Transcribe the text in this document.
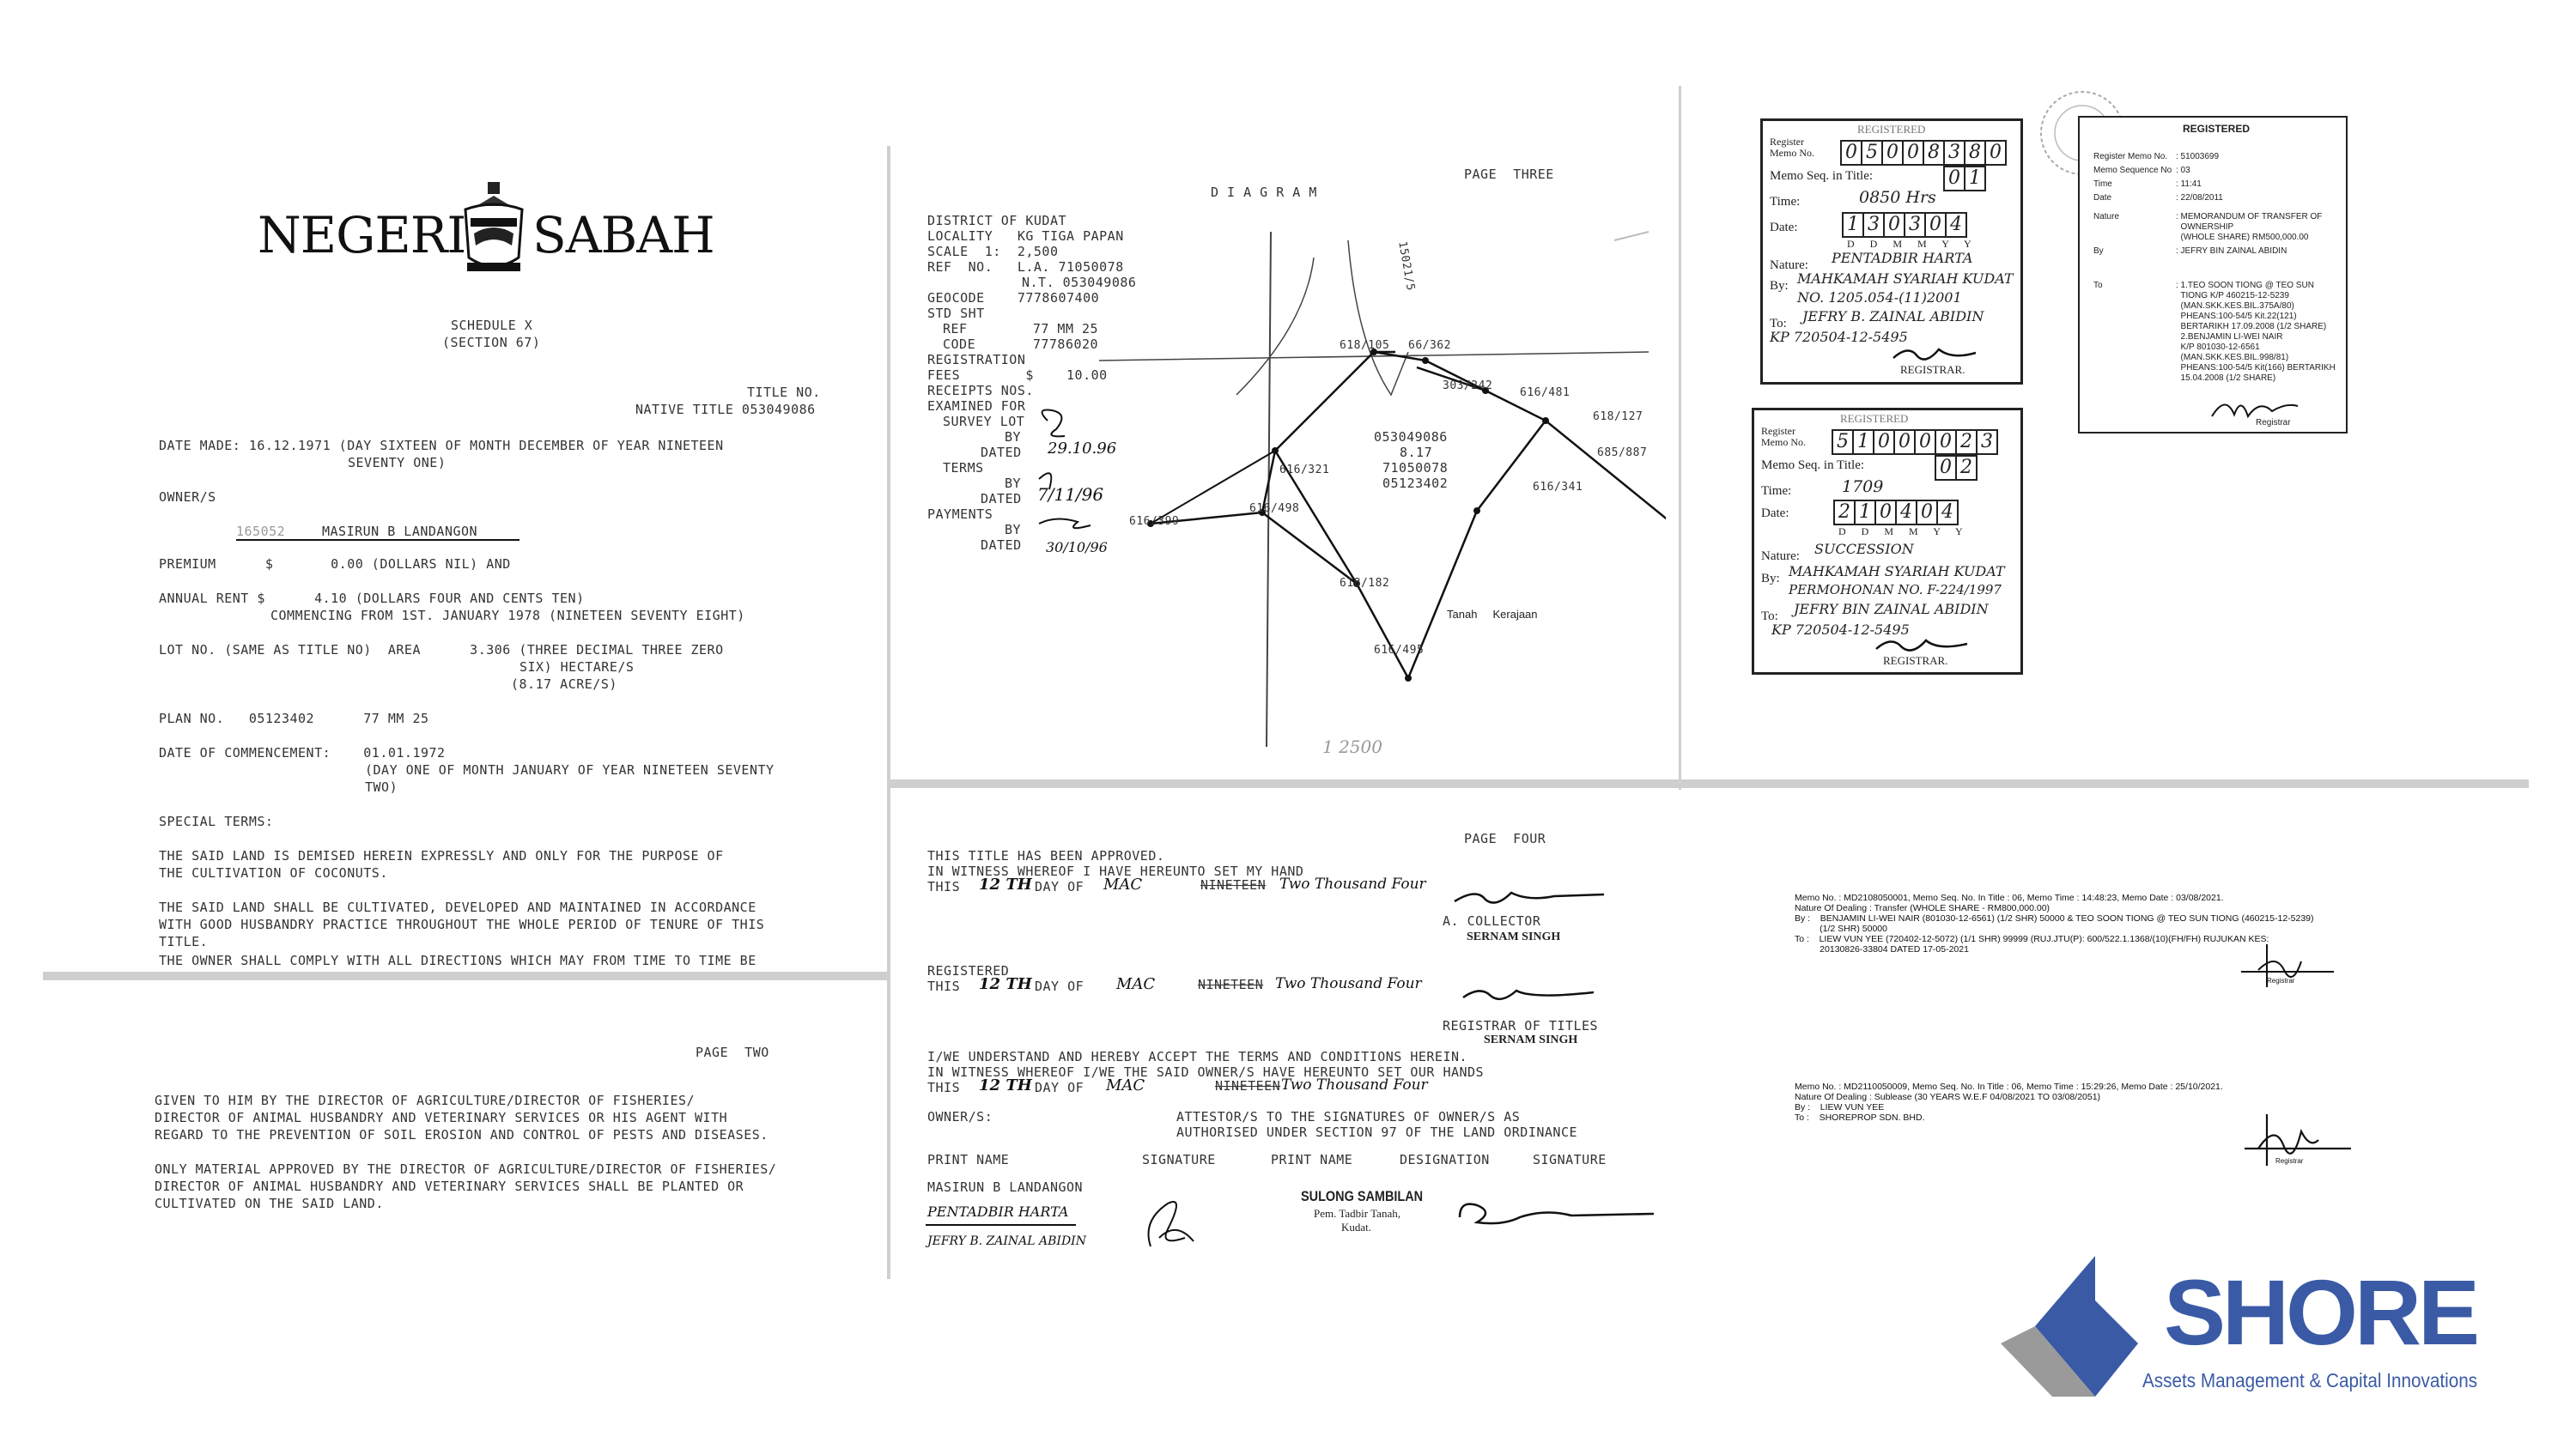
NEGERI SABAH
SCHEDULE X
(SECTION 67)
TITLE NO.
NATIVE TITLE 053049086
DATE MADE: 16.12.1971 (DAY SIXTEEN OF MONTH DECEMBER OF YEAR NINETEEN
SEVENTY ONE)
OWNER/S
165052	MASIRUN B LANDANGON
PREMIUM      $       0.00 (DOLLARS NIL) AND
ANNUAL RENT $      4.10 (DOLLARS FOUR AND CENTS TEN)
COMMENCING FROM 1ST. JANUARY 1978 (NINETEEN SEVENTY EIGHT)
LOT NO. (SAME AS TITLE NO)  AREA      3.306 (THREE DECIMAL THREE ZERO
SIX) HECTARE/S
(8.17 ACRE/S)
PLAN NO.   05123402      77 MM 25
DATE OF COMMENCEMENT:    01.01.1972
(DAY ONE OF MONTH JANUARY OF YEAR NINETEEN SEVENTY
TWO)
SPECIAL TERMS:
THE SAID LAND IS DEMISED HEREIN EXPRESSLY AND ONLY FOR THE PURPOSE OF
THE CULTIVATION OF COCONUTS.
THE SAID LAND SHALL BE CULTIVATED, DEVELOPED AND MAINTAINED IN ACCORDANCE
WITH GOOD HUSBANDRY PRACTICE THROUGHOUT THE WHOLE PERIOD OF TENURE OF THIS
TITLE.
THE OWNER SHALL COMPLY WITH ALL DIRECTIONS WHICH MAY FROM TIME TO TIME BE
PAGE  TWO
GIVEN TO HIM BY THE DIRECTOR OF AGRICULTURE/DIRECTOR OF FISHERIES/
DIRECTOR OF ANIMAL HUSBANDRY AND VETERINARY SERVICES OR HIS AGENT WITH
REGARD TO THE PREVENTION OF SOIL EROSION AND CONTROL OF PESTS AND DISEASES.
ONLY MATERIAL APPROVED BY THE DIRECTOR OF AGRICULTURE/DIRECTOR OF FISHERIES/
DIRECTOR OF ANIMAL HUSBANDRY AND VETERINARY SERVICES SHALL BE PLANTED OR
CULTIVATED ON THE SAID LAND.
D I A G R A M
PAGE  THREE
DISTRICT OF KUDAT
LOCALITY   KG TIGA PAPAN
SCALE  1:  2,500
REF  NO.   L.A. 71050078
N.T. 053049086
GEOCODE    7778607400
STD SHT
REF        77 MM 25
CODE       77786020
REGISTRATION
FEES        $    10.00
RECEIPTS NOS.
EXAMINED FOR
SURVEY LOT
BY
DATED 29.10.96
TERMS
BY
DATED 7/11/96
PAYMENTS
BY
DATED 30/10/96
616/399
616/321
618/105 66/362
303/242
616/481
618/127
685/887
616/498
616/341
618/182
616/495
15021/5
053049086
8.17
71050078
05123402
Tanah     Kerajaan
1 2500
REGISTERED
Register
Memo No. 0 5 0 0 8 3 8 0
Memo Seq. in Title:	0 1
Time:	0850 Hrs
Date:	1 3 0 3 0 4
D  D  M  M  Y  Y
Nature: PENTADBIR HARTA
By: MAHKAMAH SYARIAH KUDAT
NO. 1205.054-(11)2001
To: JEFRY B. ZAINAL ABIDIN
KP 720504-12-5495
REGISTRAR.
REGISTERED
Register
Memo No. 5 1 0 0 0 0 2 3
Memo Seq. in Title:	0 2
Time:	1709
Date:	2 1 0 4 0 4
D  D  M  M  Y  Y
Nature: SUCCESSION
By: MAHKAMAH SYARIAH KUDAT
PERMOHONAN NO. F-224/1997
To: JEFRY BIN ZAINAL ABIDIN
KP 720504-12-5495
REGISTRAR.
REGISTERED
Register Memo No. : 51003699
Memo Sequence No : 03
Time	: 11:41
Date	: 22/08/2011
Nature	: MEMORANDUM OF TRANSFER OF
OWNERSHIP
(WHOLE SHARE) RM500,000.00
By	: JEFRY BIN ZAINAL ABIDIN
To	: 1.TEO SOON TIONG @ TEO SUN
TIONG K/P 460215-12-5239
(MAN.SKK.KES.BIL.375A/80)
PHEANS:100-54/5 Kit.22(121)
BERTARIKH 17.09.2008 (1/2 SHARE)
2.BENJAMIN LI-WEI NAIR
K/P 801030-12-6561
(MAN.SKK.KES.BIL.998/81)
PHEANS:100-54/5 Kit(166) BERTARIKH
15.04.2008 (1/2 SHARE)
Registrar
PAGE  FOUR
THIS TITLE HAS BEEN APPROVED.
IN WITNESS WHEREOF I HAVE HEREUNTO SET MY HAND
THIS 12 TH DAY OF MAC	NINETEEN Two Thousand Four
A. COLLECTOR
SERNAM SINGH
REGISTERED
THIS 12 TH DAY OF MAC	NINETEEN Two Thousand Four
REGISTRAR OF TITLES
SERNAM SINGH
I/WE UNDERSTAND AND HEREBY ACCEPT THE TERMS AND CONDITIONS HEREIN.
IN WITNESS WHEREOF I/WE THE SAID OWNER/S HAVE HEREUNTO SET OUR HANDS
THIS 12 TH DAY OF MAC	NINETEEN Two Thousand Four
OWNER/S:	ATTESTOR/S TO THE SIGNATURES OF OWNER/S AS
AUTHORISED UNDER SECTION 97 OF THE LAND ORDINANCE
PRINT NAME	SIGNATURE	PRINT NAME	DESIGNATION	SIGNATURE
MASIRUN B LANDANGON
PENTADBIR HARTA
JEFRY B. ZAINAL ABIDIN
SULONG SAMBILAN
Pem. Tadbir Tanah,
Kudat.
Memo No. : MD2108050001, Memo Seq. No. In Title : 06, Memo Time : 14:48:23, Memo Date : 03/08/2021.
Nature Of Dealing : Transfer (WHOLE SHARE - RM800,000.00)
By :    BENJAMIN LI-WEI NAIR (801030-12-6561) (1/2 SHR) 50000 & TEO SOON TIONG @ TEO SUN TIONG (460215-12-5239)
(1/2 SHR) 50000
To :    LIEW VUN YEE (720402-12-5072) (1/1 SHR) 99999 (RUJ.JTU(P): 600/522.1.1368/(10)(FH/FH) RUJUKAN KES:
20130826-33804 DATED 17-05-2021
Registrar
Memo No. : MD2110050009, Memo Seq. No. In Title : 06, Memo Time : 15:29:26, Memo Date : 25/10/2021.
Nature Of Dealing : Sublease (30 YEARS W.E.F 04/08/2021 TO 03/08/2051)
By :    LIEW VUN YEE
To :    SHOREPROP SDN. BHD.
Registrar
SHORE
Assets Management & Capital Innovations
